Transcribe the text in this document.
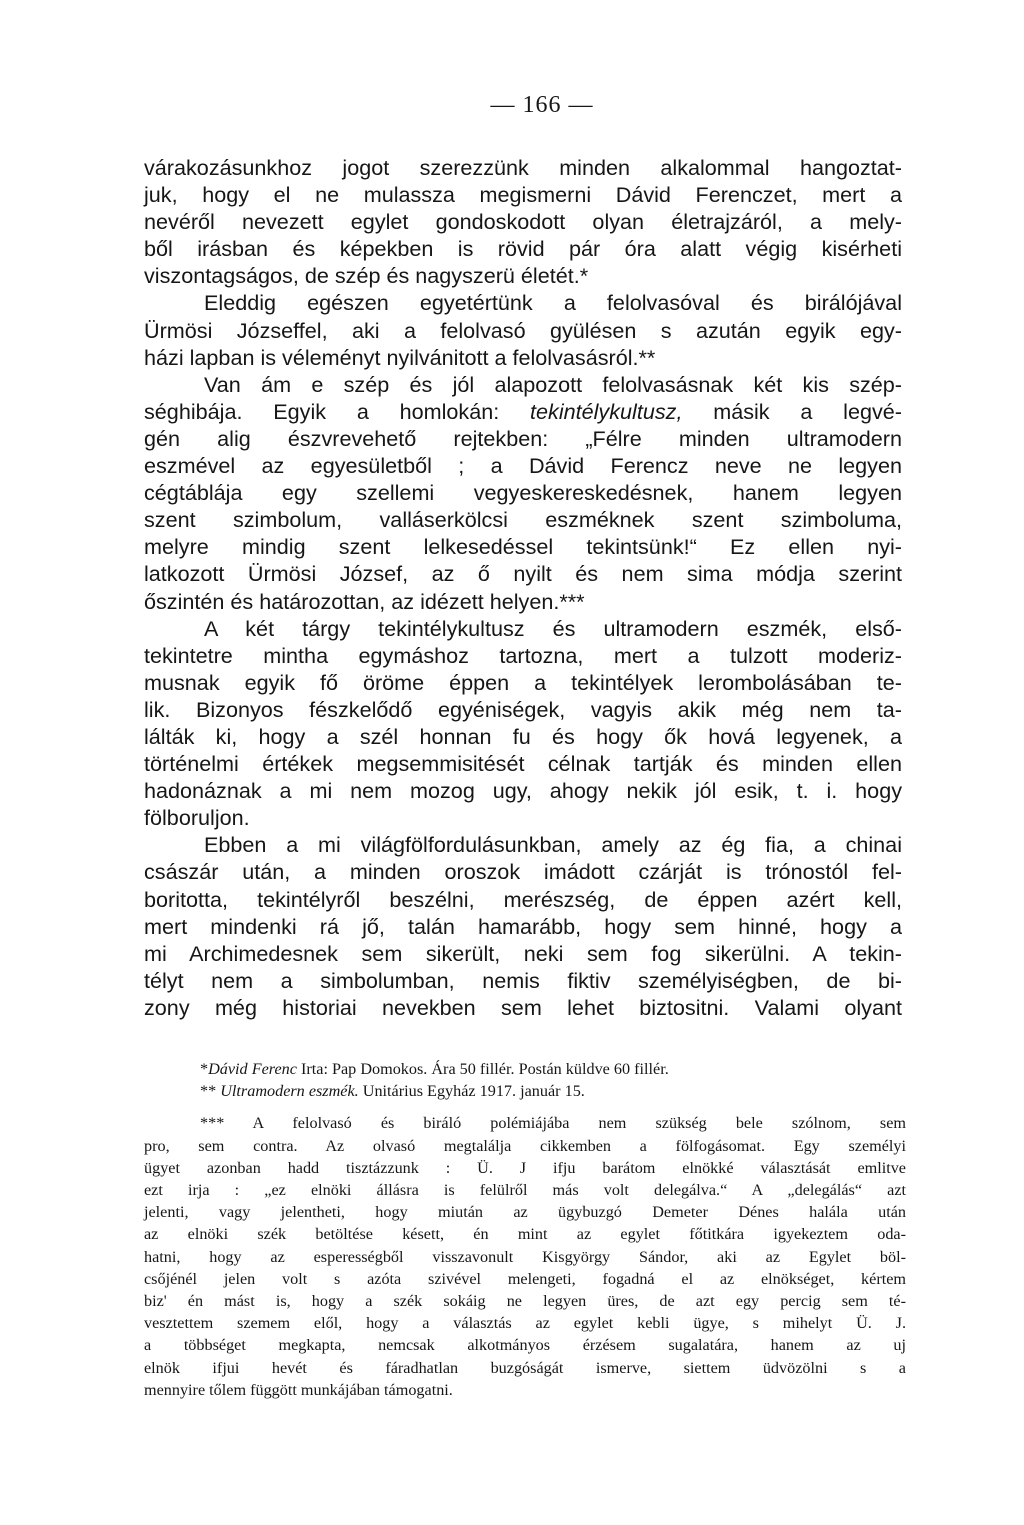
— 166 —
várakozásunkhoz jogot szerezzünk minden alkalommal hangoztat-
juk, hogy el ne mulassza megismerni Dávid Ferenczet, mert a
nevéről nevezett egylet gondoskodott olyan életrajzáról, a mely-
ből irásban és képekben is rövid pár óra alatt végig kisérheti
viszontagságos, de szép és nagyszerü életét.*
Eleddig egészen egyetértünk a felolvasóval és birálójával
Ürmösi Józseffel, aki a felolvasó gyülésen s azután egyik egy-
házi lapban is véleményt nyilvánitott a felolvasásról.**
Van ám e szép és jól alapozott felolvasásnak két kis szép-
séghibája. Egyik a homlokán: tekintélykultusz, másik a legvé-
gén alig észvrevehető rejtekben: „Félre minden ultramodern
eszmével az egyesületből ; a Dávid Ferencz neve ne legyen
cégtáblája egy szellemi vegyeskereskedésnek, hanem legyen
szent szimbolum, valláserkölcsi eszméknek szent szimboluma,
melyre mindig szent lelkesedéssel tekintsünk!“ Ez ellen nyi-
latkozott Ürmösi József, az ő nyilt és nem sima módja szerint
őszintén és határozottan, az idézett helyen.***
A két tárgy tekintélykultusz és ultramodern eszmék, első-
tekintetre mintha egymáshoz tartozna, mert a tulzott moderiz-
musnak egyik fő öröme éppen a tekintélyek lerombolásában te-
lik. Bizonyos fészkelődő egyéniségek, vagyis akik még nem ta-
lálták ki, hogy a szél honnan fu és hogy ők hová legyenek, a
történelmi értékek megsemmisitését célnak tartják és minden ellen
hadonáznak a mi nem mozog ugy, ahogy nekik jól esik, t. i. hogy
fölboruljon.
Ebben a mi világfölfordulásunkban, amely az ég fia, a chinai
császár után, a minden oroszok imádott czárját is trónostól fel-
boritotta, tekintélyről beszélni, merészség, de éppen azért kell,
mert mindenki rá jő, talán hamarább, hogy sem hinné, hogy a
mi Archimedesnek sem sikerült, neki sem fog sikerülni. A tekin-
télyt nem a simbolumban, nemis fiktiv személyiségben, de bi-
zony még historiai nevekben sem lehet biztositni. Valami olyant
*Dávid Ferenc Irta: Pap Domokos. Ára 50 fillér. Postán küldve 60 fillér.
** Ultramodern eszmék. Unitárius Egyház 1917. január 15.
*** A felolvasó és biráló polémiájába nem szükség bele szólnom, sem
pro, sem contra. Az olvasó megtalálja cikkemben a fölfogásomat. Egy személyi
ügyet azonban hadd tisztázzunk : Ü. J ifju barátom elnökké választását emlitve
ezt irja : „ez elnöki állásra is felülről más volt delegálva.“ A „delegálás“ azt
jelenti, vagy jelentheti, hogy miután az ügybuzgó Demeter Dénes halála után
az elnöki szék betöltése késett, én mint az egylet főtitkára igyekeztem oda-
hatni, hogy az esperességből visszavonult Kisgyörgy Sándor, aki az Egylet böl-
csőjénél jelen volt s azóta szivével melengeti, fogadná el az elnökséget, kértem
biz' én mást is, hogy a szék sokáig ne legyen üres, de azt egy percig sem té-
vesztettem szemem elől, hogy a választás az egylet kebli ügye, s mihelyt Ü. J.
a többséget megkapta, nemcsak alkotmányos érzésem sugalatára, hanem az uj
elnök ifjui hevét és fáradhatlan buzgóságát ismerve, siettem üdvözölni s a
mennyire tőlem függött munkájában támogatni.
